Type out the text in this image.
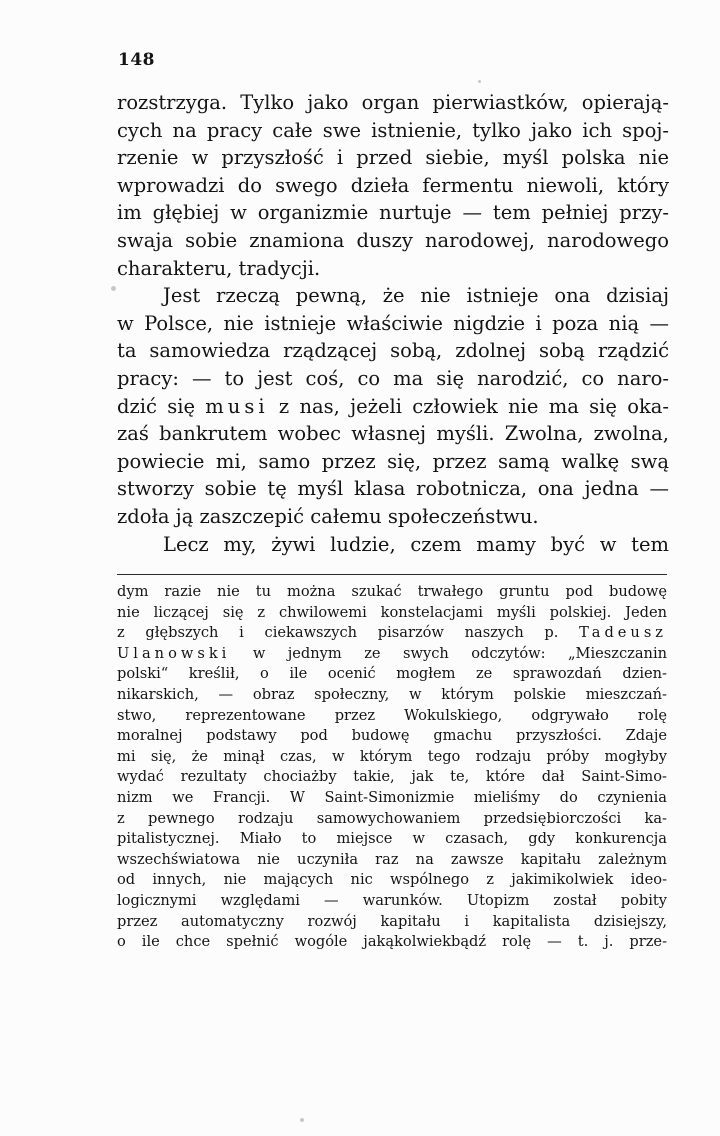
148
rozstrzyga. Tylko jako organ pierwiastków, opierają-
cych na pracy całe swe istnienie, tylko jako ich spoj-
rzenie w przyszłość i przed siebie, myśl polska nie
wprowadzi do swego dzieła fermentu niewoli, który
im głębiej w organizmie nurtuje — tem pełniej przy-
swaja sobie znamiona duszy narodowej, narodowego
charakteru, tradycji.
Jest rzeczą pewną, że nie istnieje ona dzisiaj
w Polsce, nie istnieje właściwie nigdzie i poza nią —
ta samowiedza rządzącej sobą, zdolnej sobą rządzić
pracy: — to jest coś, co ma się narodzić, co naro-
dzić się musi z nas, jeżeli człowiek nie ma się oka-
zaś bankrutem wobec własnej myśli. Zwolna, zwolna,
powiecie mi, samo przez się, przez samą walkę swą
stworzy sobie tę myśl klasa robotnicza, ona jedna —
zdoła ją zaszczepić całemu społeczeństwu.
Lecz my, żywi ludzie, czem mamy być w tem
dym razie nie tu można szukać trwałego gruntu pod budowę
nie liczącej się z chwilowemi konstelacjami myśli polskiej. Jeden
z głębszych i ciekawszych pisarzów naszych p. Tadeusz
Ulanowski w jednym ze swych odczytów: „Mieszczanin
polski“ kreślił, o ile ocenić mogłem ze sprawozdań dzien-
nikarskich, — obraz społeczny, w którym polskie mieszczań-
stwo, reprezentowane przez Wokulskiego, odgrywało rolę
moralnej podstawy pod budowę gmachu przyszłości. Zdaje
mi się, że minął czas, w którym tego rodzaju próby mogłyby
wydać rezultaty chociażby takie, jak te, które dał Saint-Simo-
nizm we Francji. W Saint-Simonizmie mieliśmy do czynienia
z pewnego rodzaju samowychowaniem przedsiębiorczości ka-
pitalistycznej. Miało to miejsce w czasach, gdy konkurencja
wszechświatowa nie uczyniła raz na zawsze kapitału zależnym
od innych, nie mających nic wspólnego z jakimikolwiek ideo-
logicznymi względami — warunków. Utopizm został pobity
przez automatyczny rozwój kapitału i kapitalista dzisiejszy,
o ile chce spełnić wogóle jakąkolwiekbądź rolę — t. j. prze-
